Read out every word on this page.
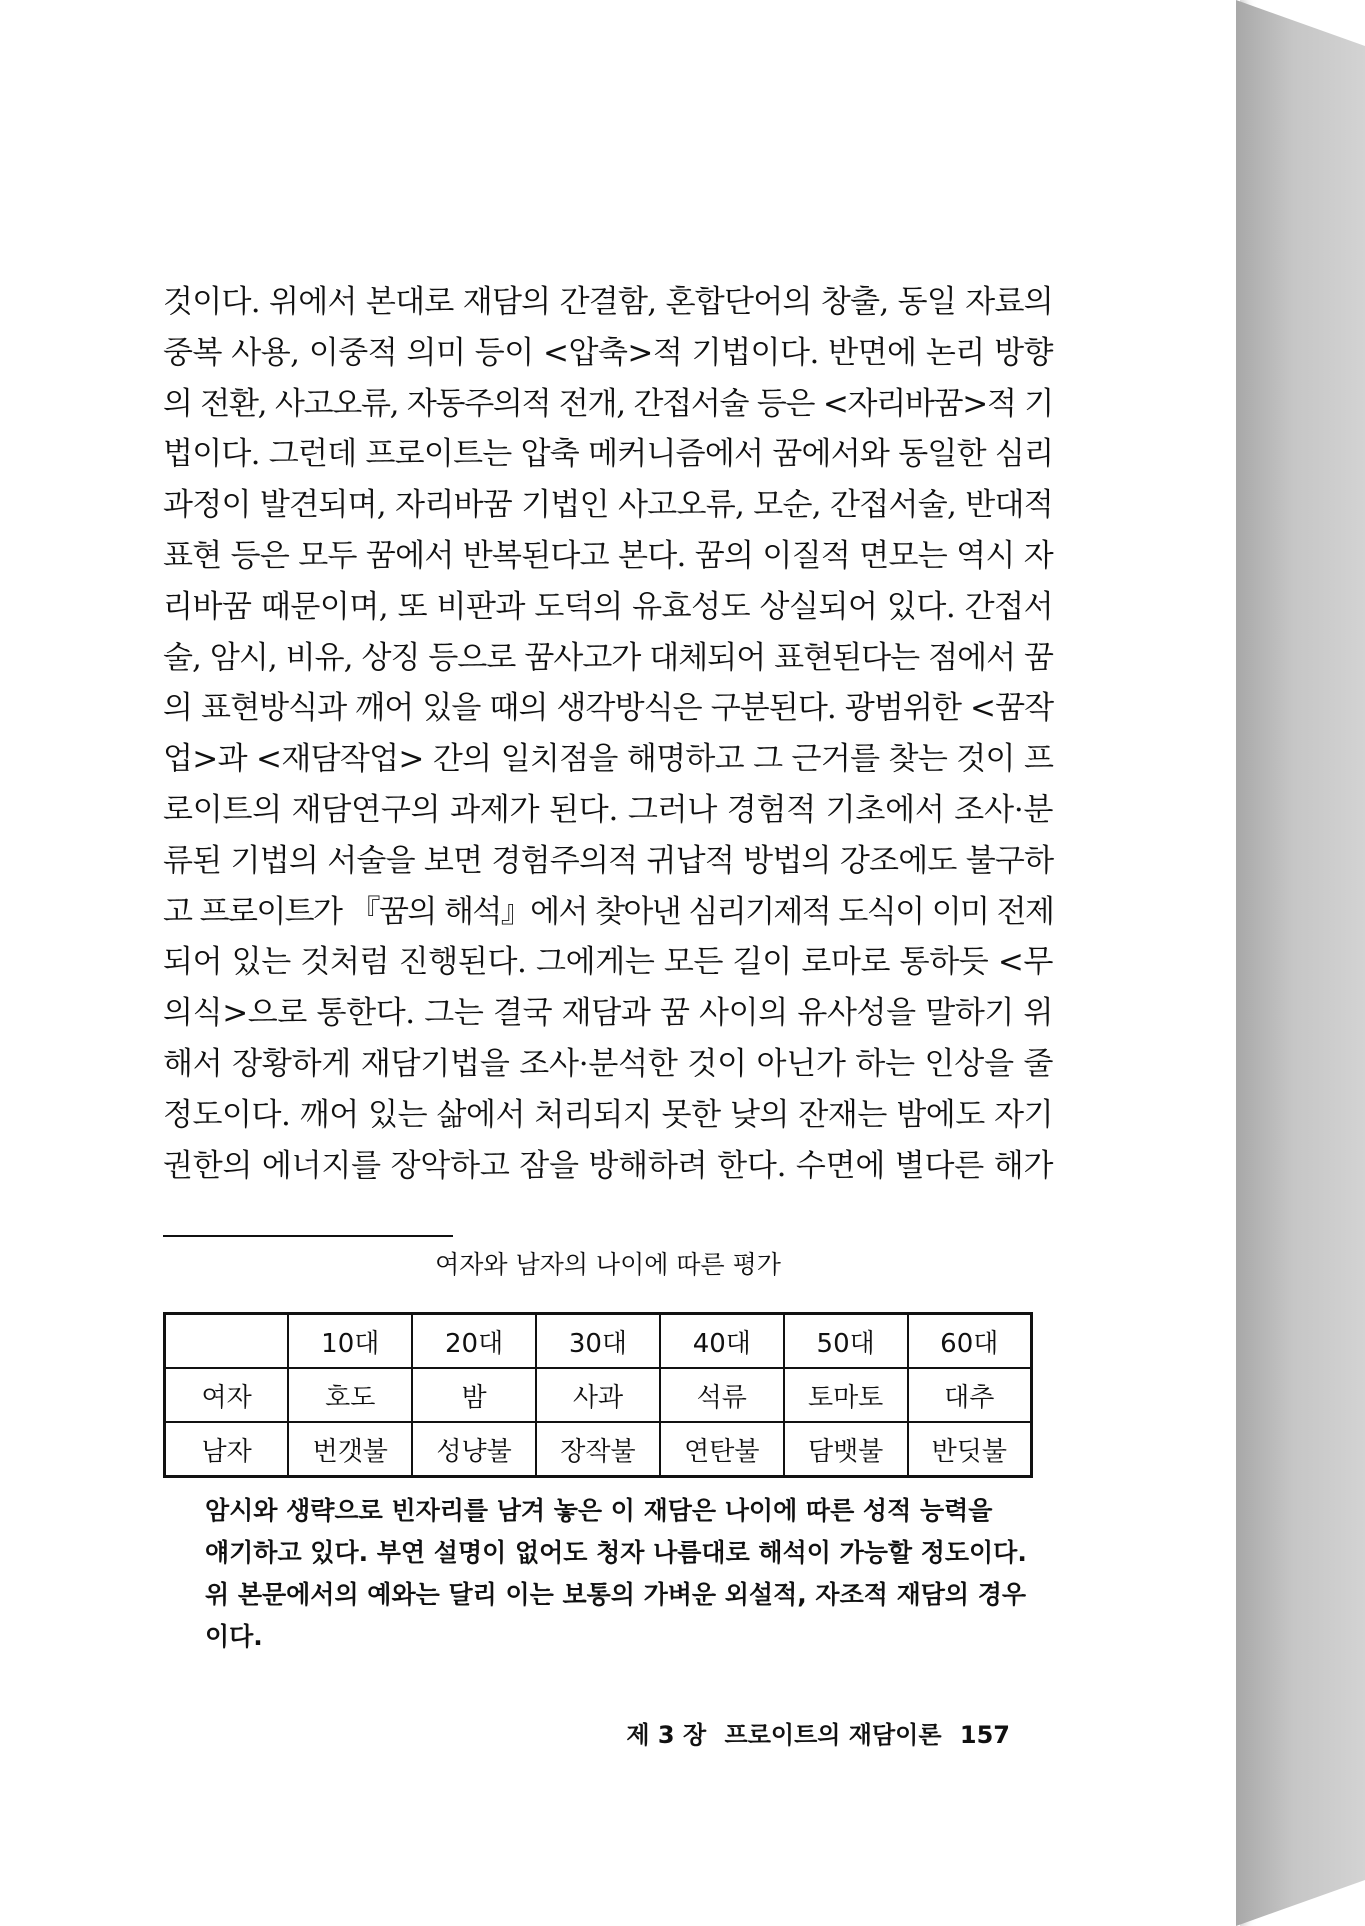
것이다. 위에서 본대로 재담의 간결함, 혼합단어의 창출, 동일 자료의
중복 사용, 이중적 의미 등이 <압축>적 기법이다. 반면에 논리 방향
의 전환, 사고오류, 자동주의적 전개, 간접서술 등은 <자리바꿈>적 기
법이다. 그런데 프로이트는 압축 메커니즘에서 꿈에서와 동일한 심리
과정이 발견되며, 자리바꿈 기법인 사고오류, 모순, 간접서술, 반대적
표현 등은 모두 꿈에서 반복된다고 본다. 꿈의 이질적 면모는 역시 자
리바꿈 때문이며, 또 비판과 도덕의 유효성도 상실되어 있다. 간접서
술, 암시, 비유, 상징 등으로 꿈사고가 대체되어 표현된다는 점에서 꿈
의 표현방식과 깨어 있을 때의 생각방식은 구분된다. 광범위한 <꿈작
업>과 <재담작업> 간의 일치점을 해명하고 그 근거를 찾는 것이 프
로이트의 재담연구의 과제가 된다. 그러나 경험적 기초에서 조사·분
류된 기법의 서술을 보면 경험주의적 귀납적 방법의 강조에도 불구하
고 프로이트가 『꿈의 해석』에서 찾아낸 심리기제적 도식이 이미 전제
되어 있는 것처럼 진행된다. 그에게는 모든 길이 로마로 통하듯 <무
의식>으로 통한다. 그는 결국 재담과 꿈 사이의 유사성을 말하기 위
해서 장황하게 재담기법을 조사·분석한 것이 아닌가 하는 인상을 줄
정도이다. 깨어 있는 삶에서 처리되지 못한 낮의 잔재는 밤에도 자기
권한의 에너지를 장악하고 잠을 방해하려 한다. 수면에 별다른 해가
여자와 남자의 나이에 따른 평가
	10대	20대	30대	40대	50대	60대
여자	호도	밤	사과	석류	토마토	대추
남자	번갯불	성냥불	장작불	연탄불	담뱃불	반딧불
암시와 생략으로 빈자리를 남겨 놓은 이 재담은 나이에 따른 성적 능력을
얘기하고 있다. 부연 설명이 없어도 청자 나름대로 해석이 가능할 정도이다.
위 본문에서의 예와는 달리 이는 보통의 가벼운 외설적, 자조적 재담의 경우
이다.
제 3 장 프로이트의 재담이론 157
